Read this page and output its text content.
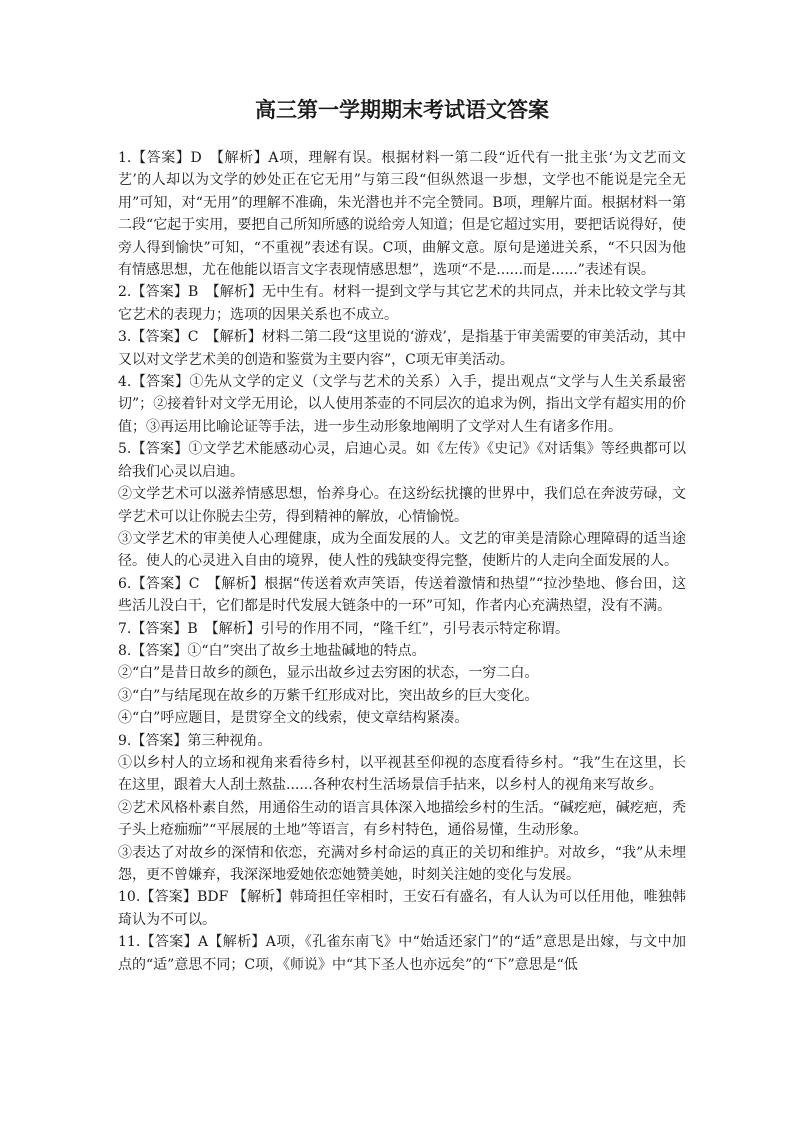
高三第一学期期末考试语文答案

1.【答案】D　【解析】A项，理解有误。根据材料一第二段“近代有一批主张‘为文艺而文艺’的人却以为文学的妙处正在它无用”与第三段“但纵然退一步想，文学也不能说是完全无用”可知，对“无用”的理解不准确，朱光潜也并不完全赞同。B项，理解片面。根据材料一第二段“它起于实用，要把自己所知所感的说给旁人知道；但是它超过实用，要把话说得好，使旁人得到愉快”可知，“不重视”表述有误。C项，曲解文意。原句是递进关系，“不只因为他有情感思想，尤在他能以语言文字表现情感思想”，选项“不是......而是......”表述有误。

2.【答案】B　【解析】无中生有。材料一提到文学与其它艺术的共同点，并未比较文学与其它艺术的表现力；选项的因果关系也不成立。

3.【答案】C　【解析】材料二第二段“这里说的‘游戏’，是指基于审美需要的审美活动，其中又以对文学艺术美的创造和鉴赏为主要内容”，C项无审美活动。

4.【答案】①先从文学的定义（文学与艺术的关系）入手，提出观点“文学与人生关系最密切”；②接着针对文学无用论，以人使用茶壶的不同层次的追求为例，指出文学有超实用的价值；③再运用比喻论证等手法，进一步生动形象地阐明了文学对人生有诸多作用。

5.【答案】①文学艺术能感动心灵，启迪心灵。如《左传》《史记》《对话集》等经典都可以给我们心灵以启迪。

②文学艺术可以滋养情感思想，怡养身心。在这纷纭扰攘的世界中，我们总在奔波劳碌，文学艺术可以让你脱去尘劳，得到精神的解放，心情愉悦。

③文学艺术的审美使人心理健康，成为全面发展的人。文艺的审美是清除心理障碍的适当途径。使人的心灵进入自由的境界，使人性的残缺变得完整，使断片的人走向全面发展的人。

6.【答案】C　【解析】根据“传送着欢声笑语，传送着激情和热望”“拉沙垫地、修台田，这些活儿没白干，它们都是时代发展大链条中的一环”可知，作者内心充满热望，没有不满。

7.【答案】B　【解析】引号的作用不同，“隆千红”，引号表示特定称谓。

8.【答案】①“白”突出了故乡土地盐碱地的特点。

②“白”是昔日故乡的颜色，显示出故乡过去穷困的状态，一穷二白。

③“白”与结尾现在故乡的万紫千红形成对比，突出故乡的巨大变化。

④“白”呼应题目，是贯穿全文的线索，使文章结构紧凑。

9.【答案】第三种视角。

①以乡村人的立场和视角来看待乡村，以平视甚至仰视的态度看待乡村。“我”生在这里，长在这里，跟着大人刮土熬盐......各种农村生活场景信手拈来，以乡村人的视角来写故乡。

②艺术风格朴素自然，用通俗生动的语言具体深入地描绘乡村的生活。“碱疙疤，碱疙疤，秃子头上疮痂痂”“平展展的土地”等语言，有乡村特色，通俗易懂，生动形象。

③表达了对故乡的深情和依恋，充满对乡村命运的真正的关切和维护。对故乡，“我”从未埋怨，更不曾嫌弃，我深深地爱她依恋她赞美她，时刻关注她的变化与发展。

10.【答案】BDF 【解析】韩琦担任宰相时，王安石有盛名，有人认为可以任用他，唯独韩琦认为不可以。

11.【答案】A【解析】A项，《孔雀东南飞》中“始适还家门”的“适”意思是出嫁，与文中加点的“适”意思不同；C项，《师说》中“其下圣人也亦远矣”的“下”意思是“低
